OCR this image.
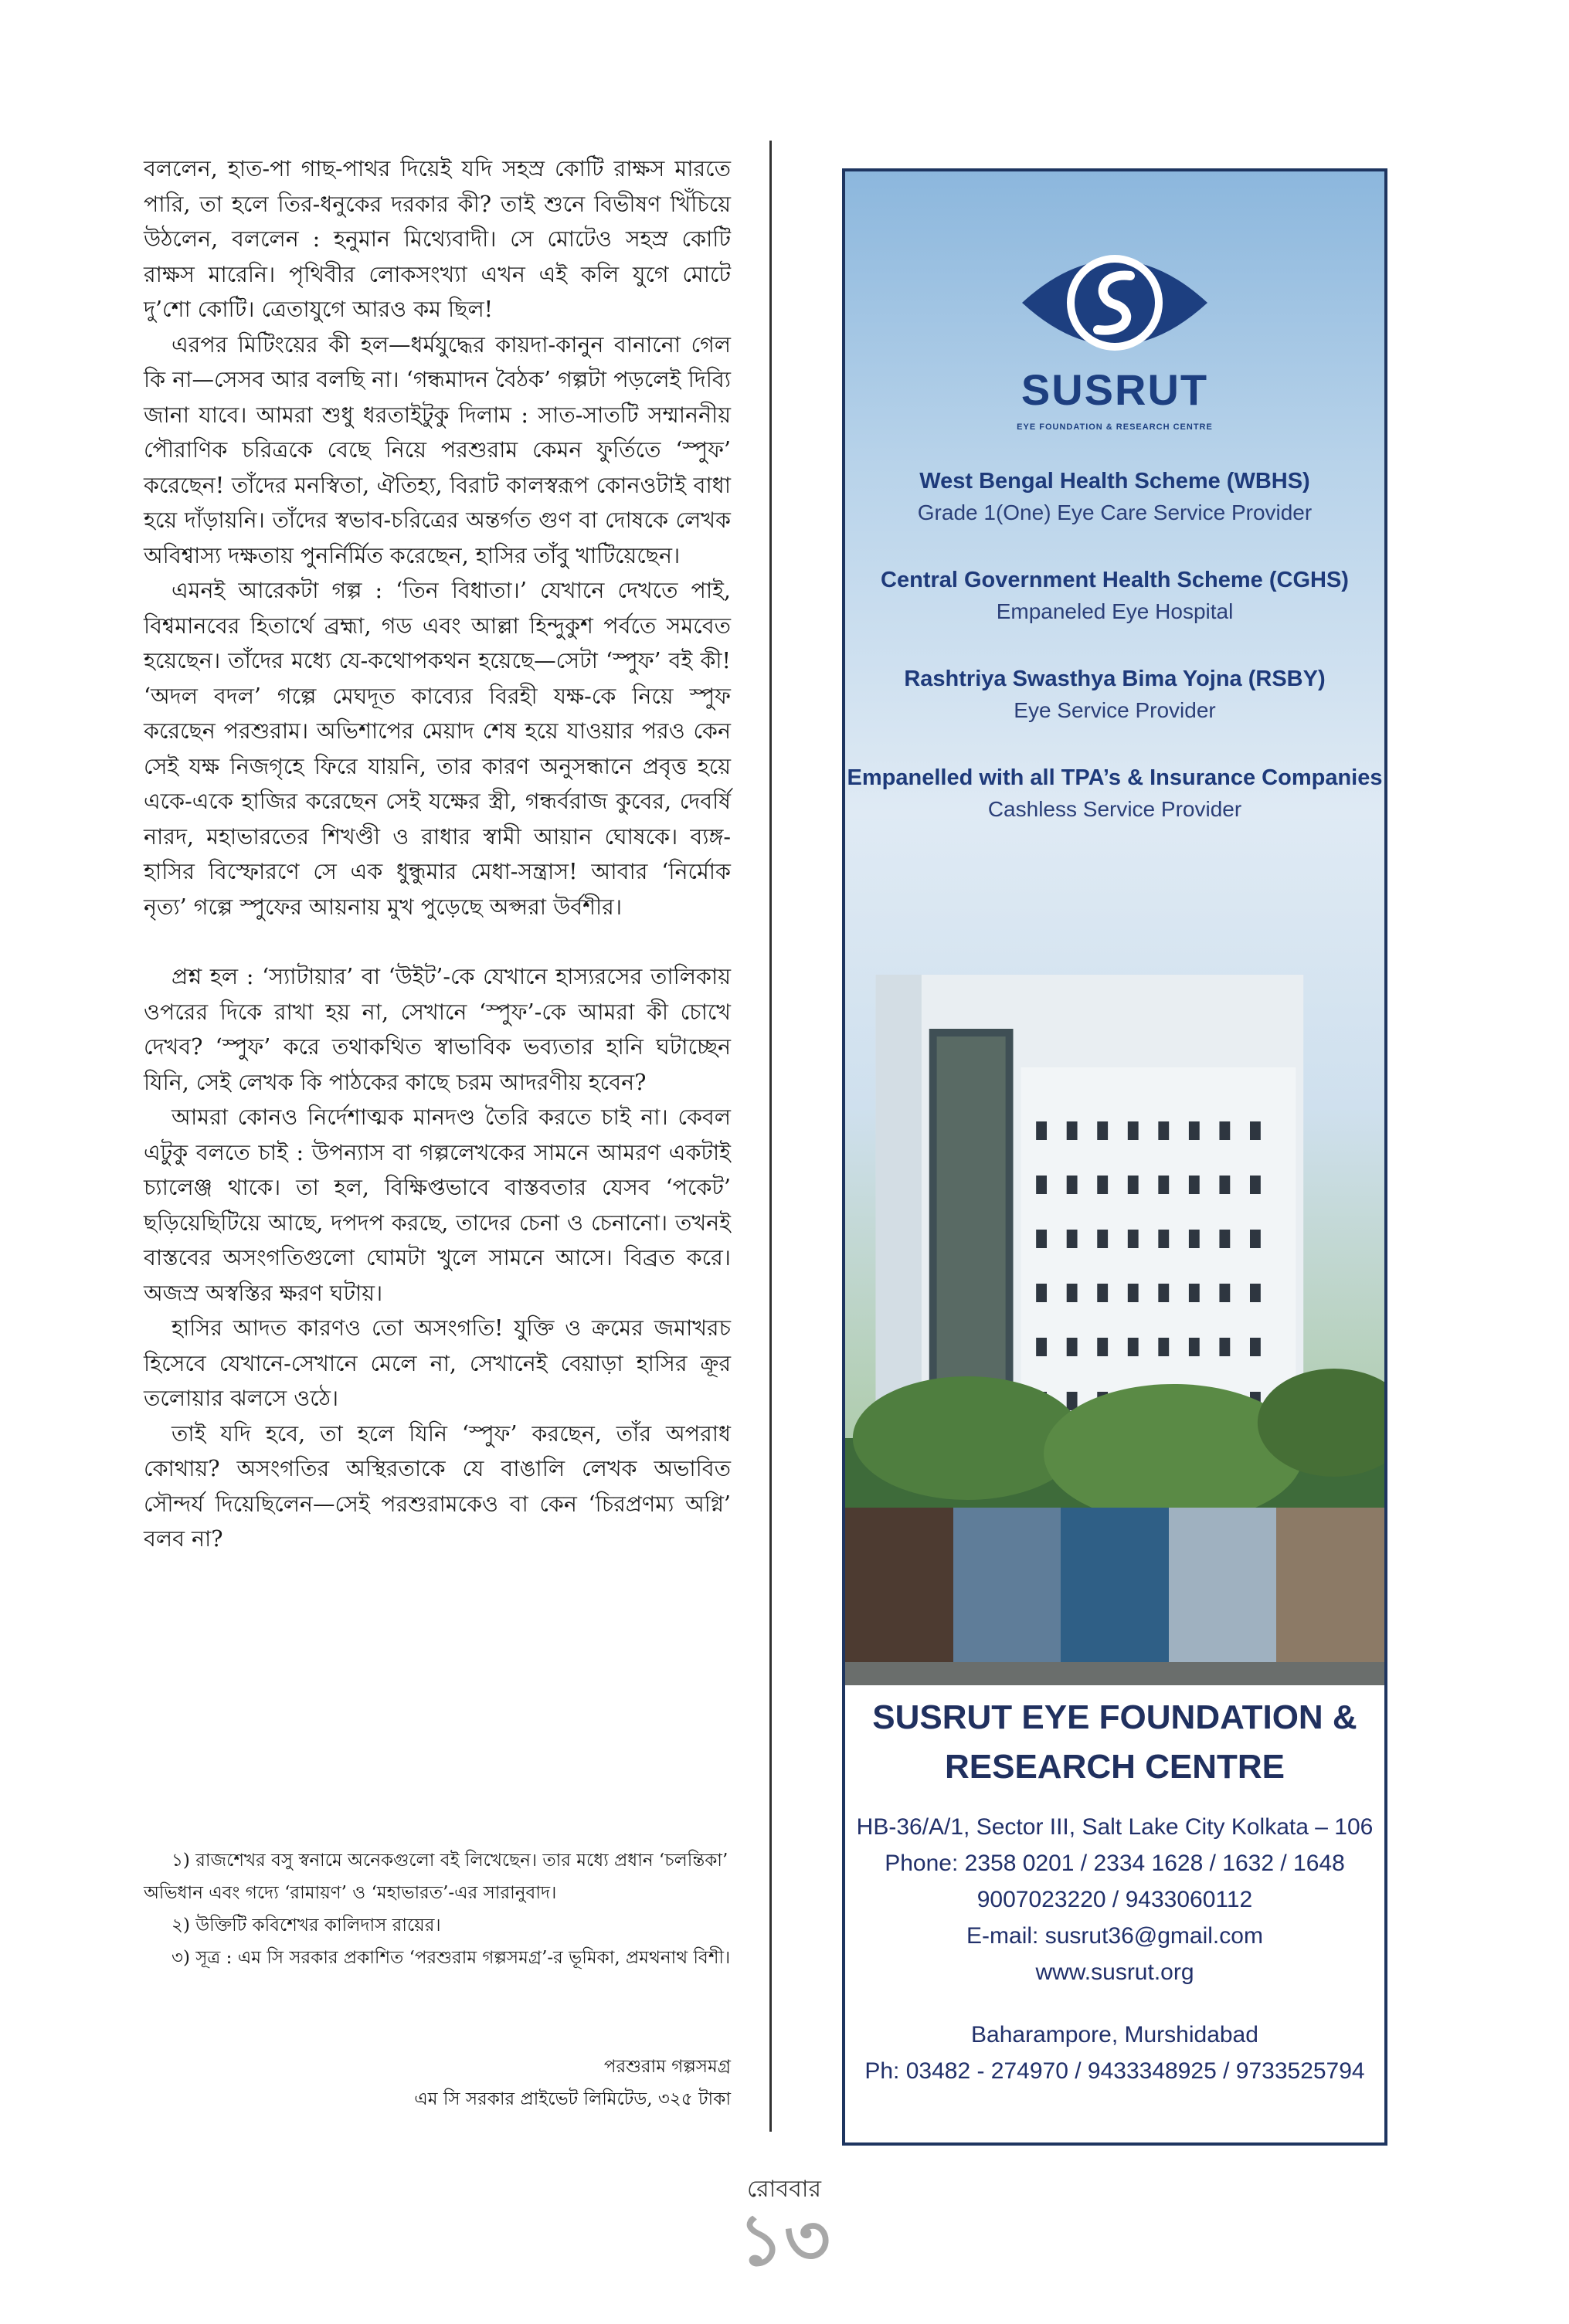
বললেন, হাত-পা গাছ-পাথর দিয়েই যদি সহস্র কোটি রাক্ষস মারতে পারি, তা হলে তির-ধনুকের দরকার কী? তাই শুনে বিভীষণ খিঁচিয়ে উঠলেন, বললেন : হনুমান মিথ্যেবাদী। সে মোটেও সহস্র কোটি রাক্ষস মারেনি। পৃথিবীর লোকসংখ্যা এখন এই কলি যুগে মোটে দু’শো কোটি। ত্রেতাযুগে আরও কম ছিল!

এরপর মিটিংয়ের কী হল—ধর্মযুদ্ধের কায়দা-কানুন বানানো গেল কি না—সেসব আর বলছি না। ‘গন্ধমাদন বৈঠক’ গল্পটা পড়লেই দিব্যি জানা যাবে। আমরা শুধু ধরতাইটুকু দিলাম : সাত-সাতটি সম্মাননীয় পৌরাণিক চরিত্রকে বেছে নিয়ে পরশুরাম কেমন ফুর্তিতে ‘স্পুফ’ করেছেন! তাঁদের মনস্বিতা, ঐতিহ্য, বিরাট কালস্বরূপ কোনওটাই বাধা হয়ে দাঁড়ায়নি। তাঁদের স্বভাব-চরিত্রের অন্তর্গত গুণ বা দোষকে লেখক অবিশ্বাস্য দক্ষতায় পুনর্নির্মিত করেছেন, হাসির তাঁবু খাটিয়েছেন।

এমনই আরেকটা গল্প : ‘তিন বিধাতা।’ যেখানে দেখতে পাই, বিশ্বমানবের হিতার্থে ব্রহ্মা, গড এবং আল্লা হিন্দুকুশ পর্বতে সমবেত হয়েছেন। তাঁদের মধ্যে যে-কথোপকথন হয়েছে—সেটা ‘স্পুফ’ বই কী! ‘অদল বদল’ গল্পে মেঘদূত কাব্যের বিরহী যক্ষ-কে নিয়ে স্পুফ করেছেন পরশুরাম। অভিশাপের মেয়াদ শেষ হয়ে যাওয়ার পরও কেন সেই যক্ষ নিজগৃহে ফিরে যায়নি, তার কারণ অনুসন্ধানে প্রবৃত্ত হয়ে একে-একে হাজির করেছেন সেই যক্ষের স্ত্রী, গন্ধর্বরাজ কুবের, দেবর্ষি নারদ, মহাভারতের শিখণ্ডী ও রাধার স্বামী আয়ান ঘোষকে। ব্যঙ্গ-হাসির বিস্ফোরণে সে এক ধুন্ধুমার মেধা-সন্ত্রাস! আবার ‘নির্মোক নৃত্য’ গল্পে স্পুফের আয়নায় মুখ পুড়েছে অপ্সরা উর্বশীর।

প্রশ্ন হল : ‘স্যাটায়ার’ বা ‘উইট’-কে যেখানে হাস্যরসের তালিকায় ওপরের দিকে রাখা হয় না, সেখানে ‘স্পুফ’-কে আমরা কী চোখে দেখব? ‘স্পুফ’ করে তথাকথিত স্বাভাবিক ভব্যতার হানি ঘটাচ্ছেন যিনি, সেই লেখক কি পাঠকের কাছে চরম আদরণীয় হবেন?

আমরা কোনও নির্দেশাত্মক মানদণ্ড তৈরি করতে চাই না। কেবল এটুকু বলতে চাই : উপন্যাস বা গল্পলেখকের সামনে আমরণ একটাই চ্যালেঞ্জ থাকে। তা হল, বিক্ষিপ্তভাবে বাস্তবতার যেসব ‘পকেট’ ছড়িয়েছিটিয়ে আছে, দপদপ করছে, তাদের চেনা ও চেনানো। তখনই বাস্তবের অসংগতিগুলো ঘোমটা খুলে সামনে আসে। বিব্রত করে। অজস্র অস্বস্তির ক্ষরণ ঘটায়।

হাসির আদত কারণও তো অসংগতি! যুক্তি ও ক্রমের জমাখরচ হিসেবে যেখানে-সেখানে মেলে না, সেখানেই বেয়াড়া হাসির ক্রূর তলোয়ার ঝলসে ওঠে।

তাই যদি হবে, তা হলে যিনি ‘স্পুফ’ করছেন, তাঁর অপরাধ কোথায়? অসংগতির অস্থিরতাকে যে বাঙালি লেখক অভাবিত সৌন্দর্য দিয়েছিলেন—সেই পরশুরামকেও বা কেন ‘চিরপ্রণম্য অগ্নি’ বলব না?

১) রাজশেখর বসু স্বনামে অনেকগুলো বই লিখেছেন। তার মধ্যে প্রধান ‘চলন্তিকা’ অভিধান এবং গদ্যে ‘রামায়ণ’ ও ‘মহাভারত’-এর সারানুবাদ।

২) উক্তিটি কবিশেখর কালিদাস রায়ের।

৩) সূত্র : এম সি সরকার প্রকাশিত ‘পরশুরাম গল্পসমগ্র’-র ভূমিকা, প্রমথনাথ বিশী।

পরশুরাম গল্পসমগ্র
এম সি সরকার প্রাইভেট লিমিটেড, ৩২৫ টাকা
SUSRUT
EYE FOUNDATION & RESEARCH CENTRE
West Bengal Health Scheme (WBHS)
Grade 1(One) Eye Care Service Provider
Central Government Health Scheme (CGHS)
Empaneled Eye Hospital
Rashtriya Swasthya Bima Yojna (RSBY)
Eye Service Provider
Empanelled with all TPA’s & Insurance Companies
Cashless Service Provider
SUSRUT EYE FOUNDATION &
RESEARCH CENTRE
HB-36/A/1, Sector III, Salt Lake City Kolkata – 106
Phone: 2358 0201 / 2334 1628 / 1632 / 1648
9007023220 / 9433060112
E-mail: susrut36@gmail.com
www.susrut.org
Baharampore, Murshidabad
Ph: 03482 - 274970 / 9433348925 / 9733525794
রোববার
১৩
